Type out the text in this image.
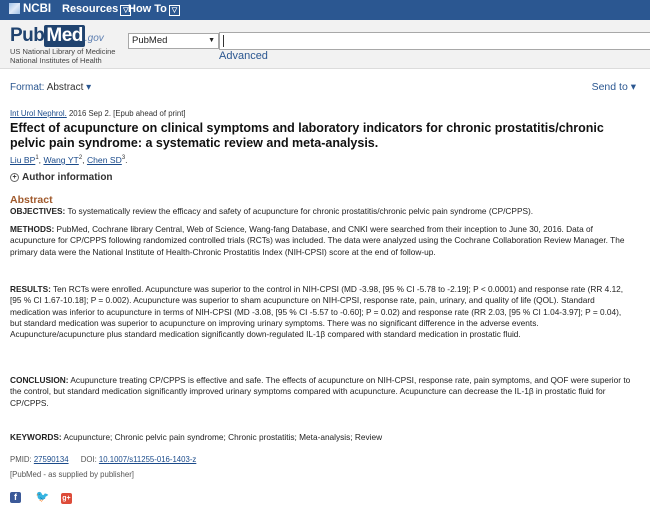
NCBI Resources ▽ How To ▽
Pub Med .gov
US National Library of Medicine
National Institutes of Health
PubMed	▼
Advanced
Format: Abstract ▾	Send to ▾
Int Urol Nephrol. 2016 Sep 2. [Epub ahead of print]
Effect of acupuncture on clinical symptoms and laboratory indicators for chronic prostatitis/chronic pelvic pain syndrome: a systematic review and meta-analysis.
Liu $BP^1$, Wang $YT^2$, Chen $SD^3$.
+ Author information
Abstract

OBJECTIVES: To systematically review the efficacy and safety of acupuncture for chronic prostatitis/chronic pelvic pain syndrome (CP/CPPS).

METHODS: PubMed, Cochrane library Central, Web of Science, Wang-fang Database, and CNKI were searched from their inception to June 30, 2016. Data of acupuncture for CP/CPPS following randomized controlled trials (RCTs) was included. The data were analyzed using the Cochrane Collaboration Review Manager. The primary data were the National Institute of Health-Chronic Prostatitis Index (NIH-CPSI) score at the end of follow-up.

RESULTS: Ten RCTs were enrolled. Acupuncture was superior to the control in NIH-CPSI (MD -3.98, [95 % CI -5.78 to -2.19]; P < 0.0001) and response rate (RR 4.12, [95 % CI 1.67-10.18]; P = 0.002). Acupuncture was superior to sham acupuncture on NIH-CPSI, response rate, pain, urinary, and quality of life (QOL). Standard medication was inferior to acupuncture in terms of NIH-CPSI (MD -3.08, [95 % CI -5.57 to -0.60]; P = 0.02) and response rate (RR 2.03, [95 % CI 1.04-3.97]; P = 0.04), but standard medication was superior to acupuncture on improving urinary symptoms. There was no significant difference in the adverse events. Acupuncture/acupuncture plus standard medication significantly down-regulated IL-1β compared with standard medication in prostatic fluid.

CONCLUSION: Acupuncture treating CP/CPPS is effective and safe. The effects of acupuncture on NIH-CPSI, response rate, pain symptoms, and QOF were superior to the control, but standard medication significantly improved urinary symptoms compared with acupuncture. Acupuncture can decrease the IL-1β in prostatic fluid for CP/CPPS.

KEYWORDS: Acupuncture; Chronic pelvic pain syndrome; Chronic prostatitis; Meta-analysis; Review
PMID: 27590134 DOI: 10.1007/s11255-016-1403-z
[PubMed - as supplied by publisher]
f 🐦 g+
